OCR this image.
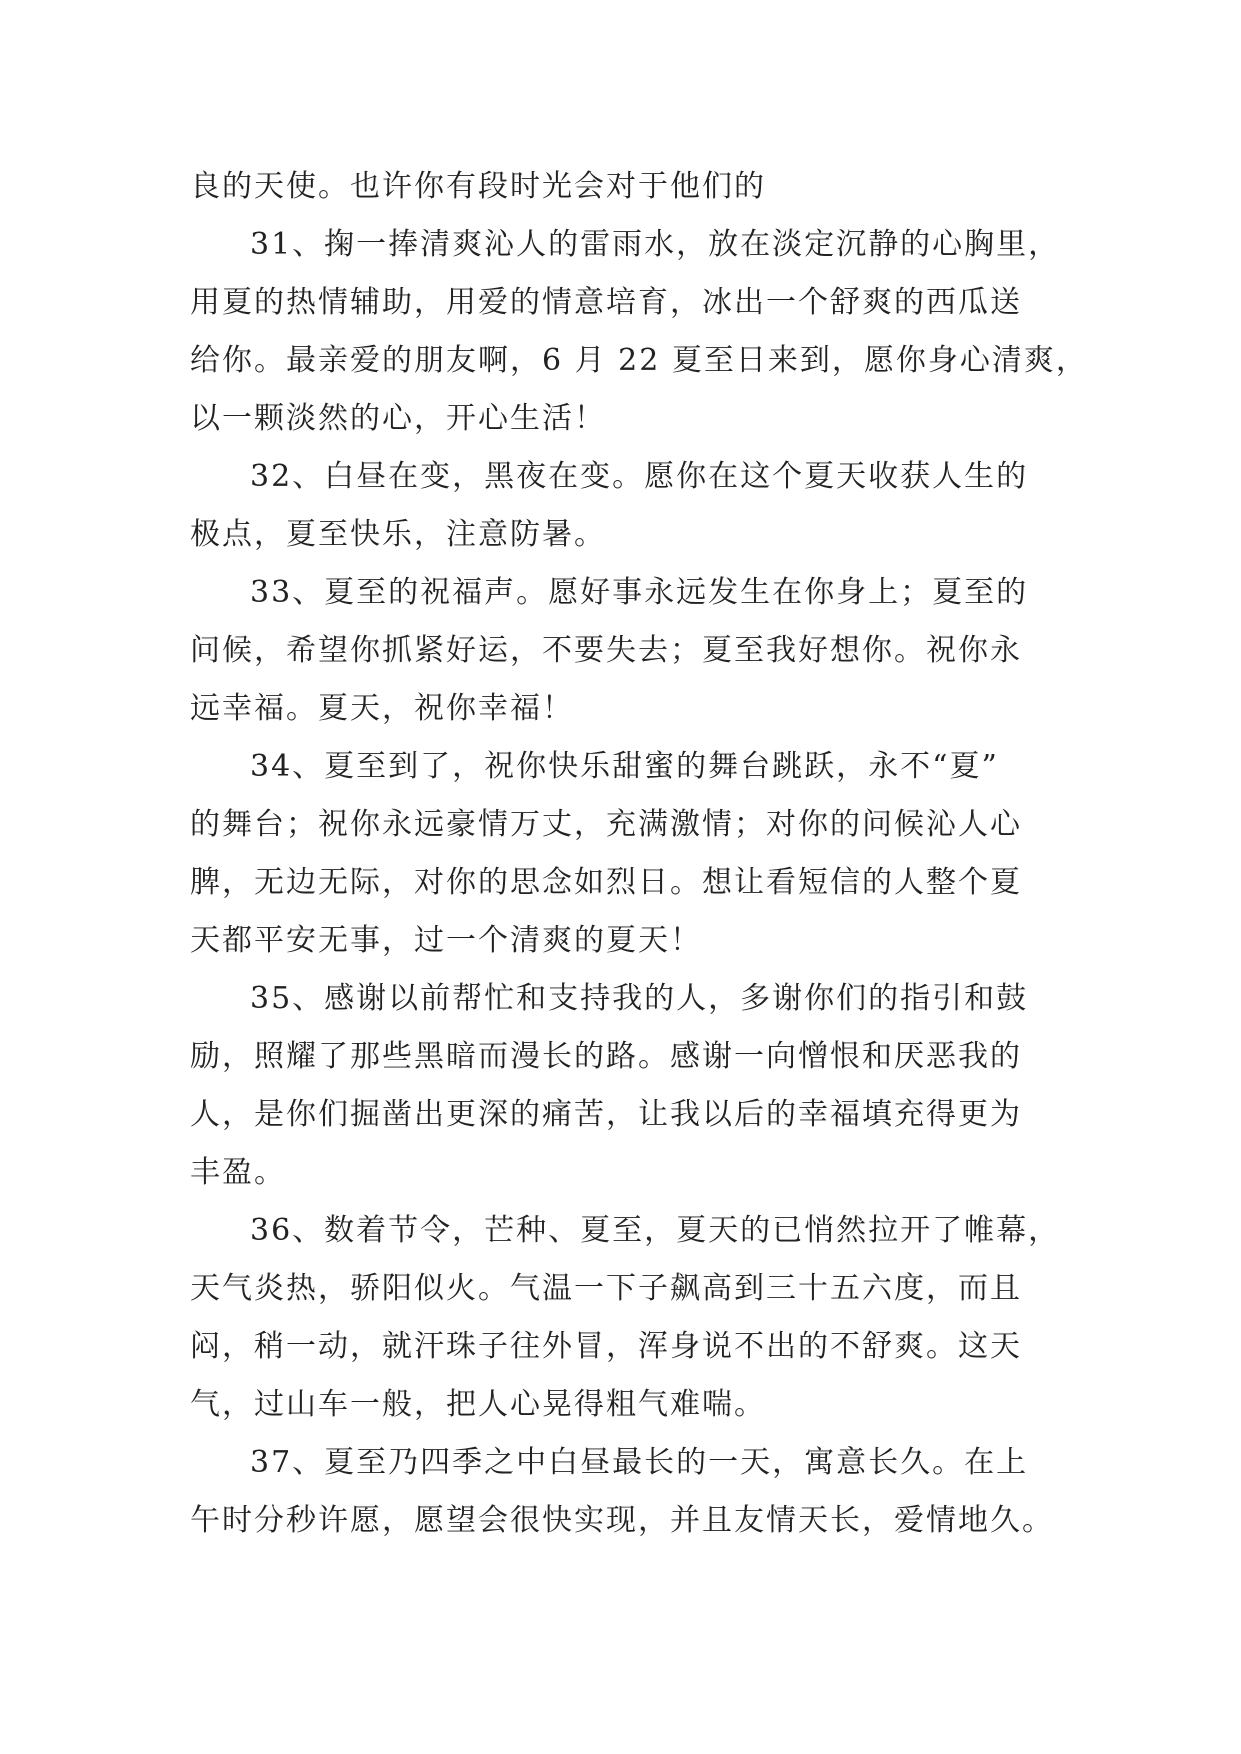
良的天使。也许你有段时光会对于他们的
31、掬一捧清爽沁人的雷雨水，放在淡定沉静的心胸里，
用夏的热情辅助，用爱的情意培育，冰出一个舒爽的西瓜送
给你。最亲爱的朋友啊，6 月 22 夏至日来到，愿你身心清爽，
以一颗淡然的心，开心生活！
32、白昼在变，黑夜在变。愿你在这个夏天收获人生的
极点，夏至快乐，注意防暑。
33、夏至的祝福声。愿好事永远发生在你身上；夏至的
问候，希望你抓紧好运，不要失去；夏至我好想你。祝你永
远幸福。夏天，祝你幸福！
34、夏至到了，祝你快乐甜蜜的舞台跳跃，永不“夏”
的舞台；祝你永远豪情万丈，充满激情；对你的问候沁人心
脾，无边无际，对你的思念如烈日。想让看短信的人整个夏
天都平安无事，过一个清爽的夏天！
35、感谢以前帮忙和支持我的人，多谢你们的指引和鼓
励，照耀了那些黑暗而漫长的路。感谢一向憎恨和厌恶我的
人，是你们掘凿出更深的痛苦，让我以后的幸福填充得更为
丰盈。
36、数着节令，芒种、夏至，夏天的已悄然拉开了帷幕，
天气炎热，骄阳似火。气温一下子飙高到三十五六度，而且
闷，稍一动，就汗珠子往外冒，浑身说不出的不舒爽。这天
气，过山车一般，把人心晃得粗气难喘。
37、夏至乃四季之中白昼最长的一天，寓意长久。在上
午时分秒许愿，愿望会很快实现，并且友情天长，爱情地久。
